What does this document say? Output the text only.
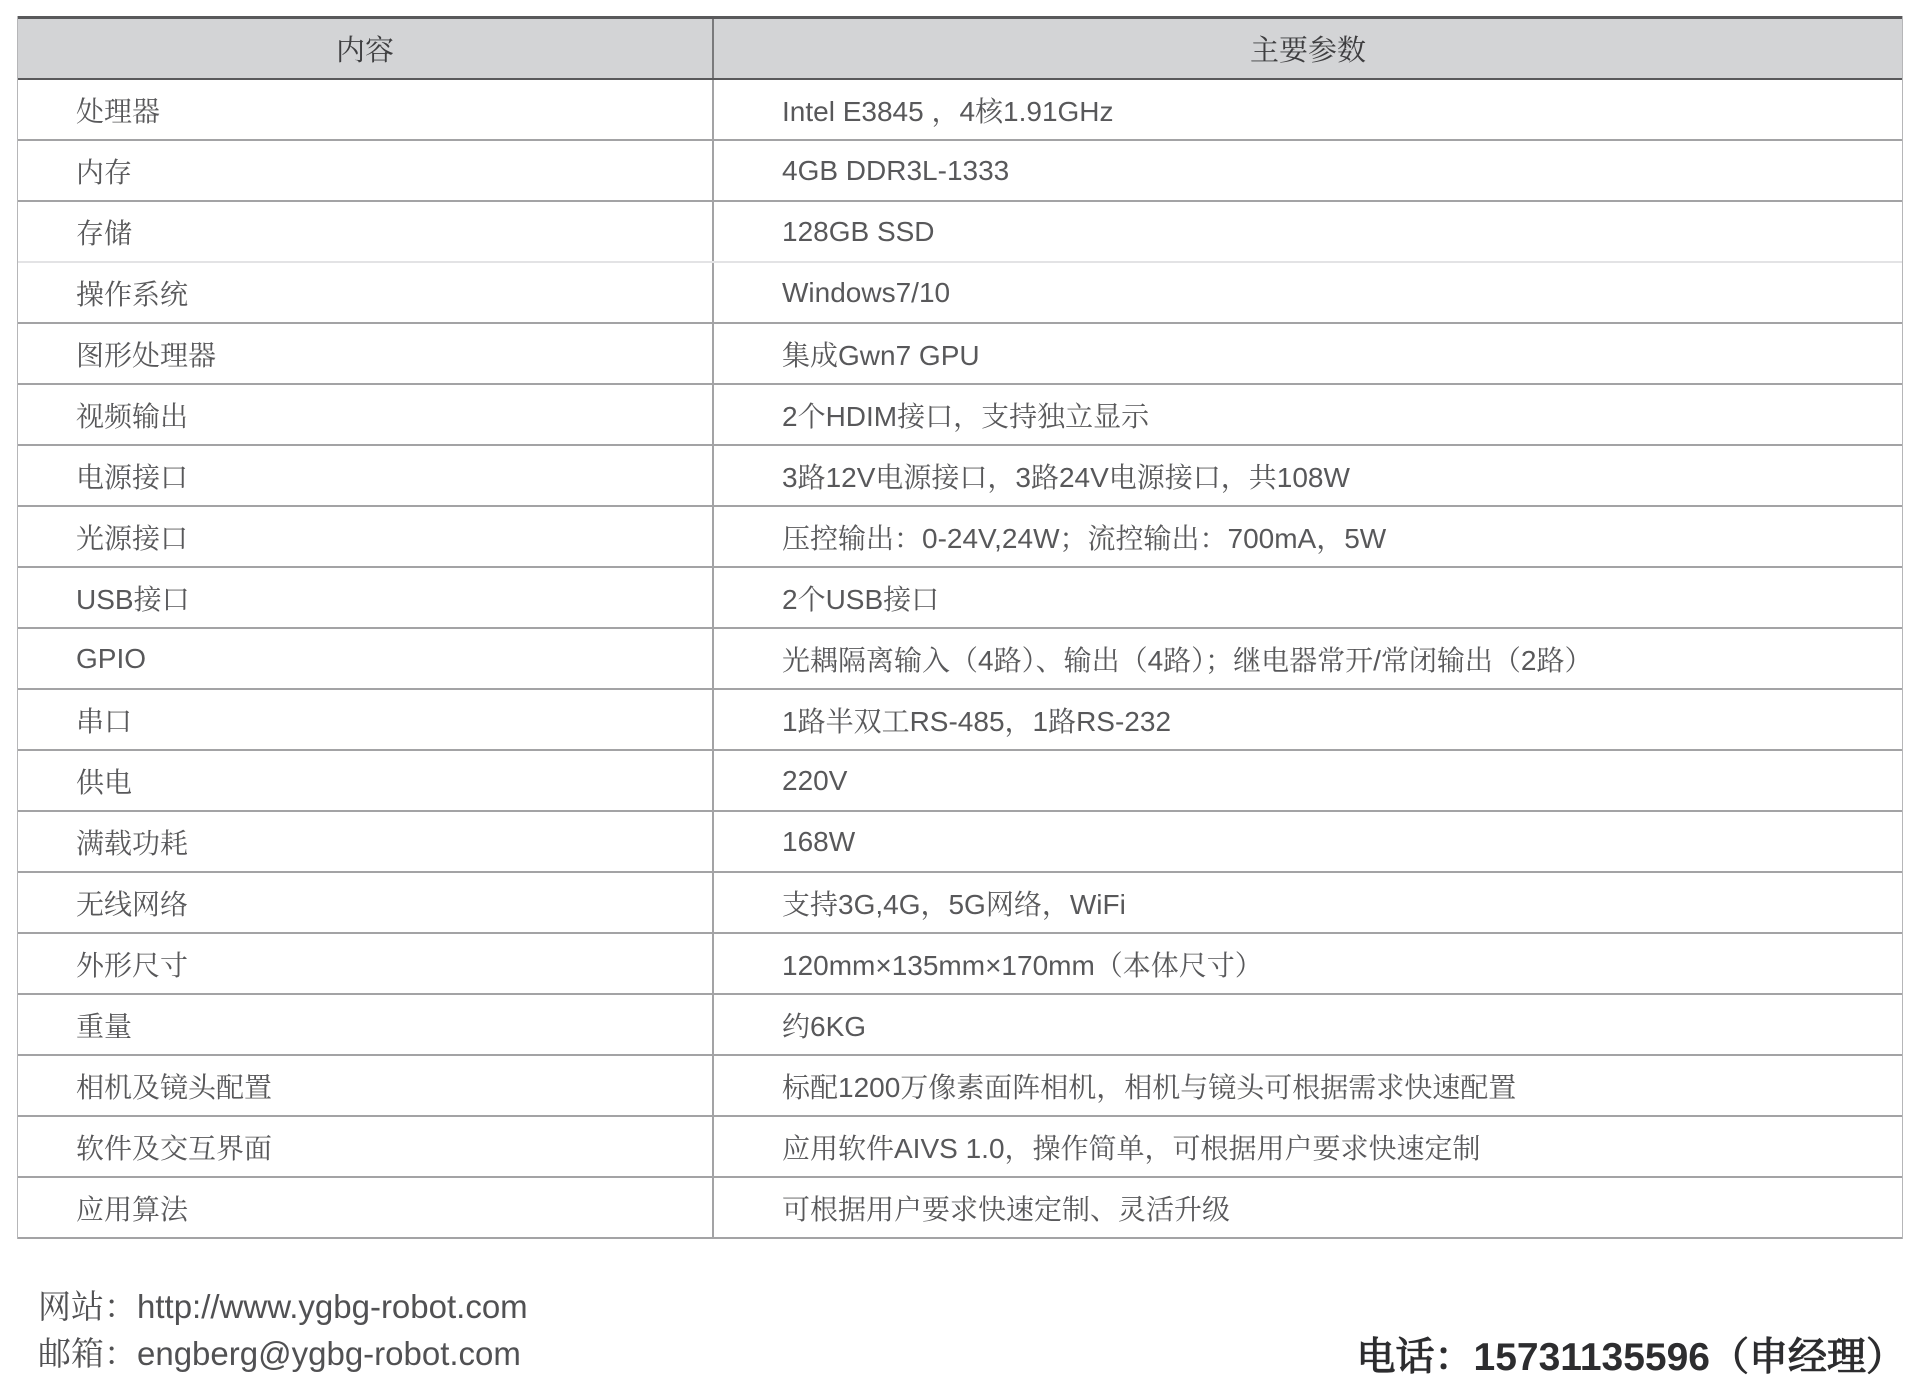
内容	主要参数
处理器	Intel E3845 ，4核1.91GHz
内存	4GB DDR3L-1333
存储	128GB SSD
操作系统	Windows7/10
图形处理器	集成Gwn7 GPU
视频输出	2个HDIM接口，支持独立显示
电源接口	3路12V电源接口，3路24V电源接口，共108W
光源接口	压控输出：0-24V,24W；流控输出：700mA，5W
USB接口	2个USB接口
GPIO	光耦隔离输入（4路）、输出（4路）；继电器常开/常闭输出（2路）
串口	1路半双工RS-485，1路RS-232
供电	220V
满载功耗	168W
无线网络	支持3G,4G，5G网络，WiFi
外形尺寸	120mm×135mm×170mm（本体尺寸）
重量	约6KG
相机及镜头配置	标配1200万像素面阵相机，相机与镜头可根据需求快速配置
软件及交互界面	应用软件AIVS 1.0，操作简单，可根据用户要求快速定制
应用算法	可根据用户要求快速定制、灵活升级
网站：http://www.ygbg-robot.com
邮箱：engberg@ygbg-robot.com	电话：15731135596（申经理）
